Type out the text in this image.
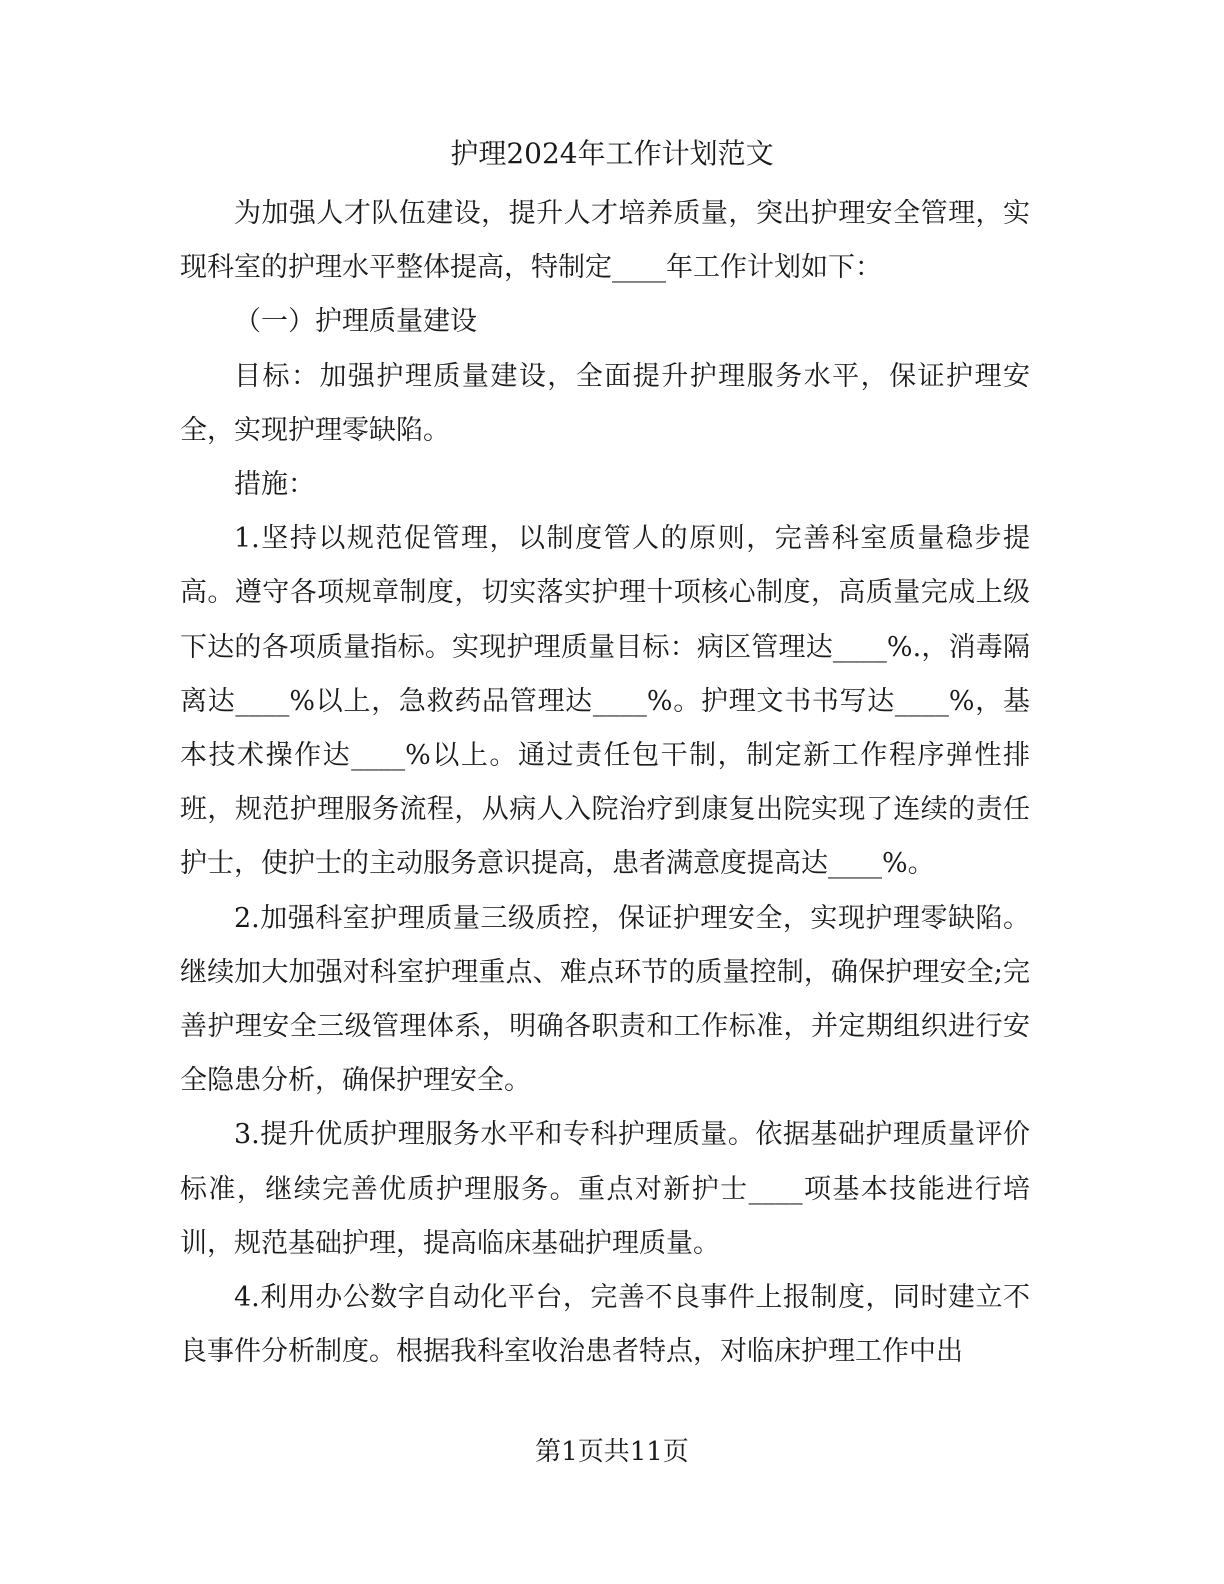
护理2024年工作计划范文

为加强人才队伍建设，提升人才培养质量，突出护理安全管理，实现科室的护理水平整体提高，特制定____年工作计划如下：

（一）护理质量建设

目标：加强护理质量建设，全面提升护理服务水平，保证护理安全，实现护理零缺陷。

措施：

1.坚持以规范促管理，以制度管人的原则，完善科室质量稳步提高。遵守各项规章制度，切实落实护理十项核心制度，高质量完成上级下达的各项质量指标。实现护理质量目标：病区管理达____%.，消毒隔离达____%以上，急救药品管理达____%。护理文书书写达____%，基本技术操作达____%以上。通过责任包干制，制定新工作程序弹性排班，规范护理服务流程，从病人入院治疗到康复出院实现了连续的责任护士，使护士的主动服务意识提高，患者满意度提高达____%。

2.加强科室护理质量三级质控，保证护理安全，实现护理零缺陷。继续加大加强对科室护理重点、难点环节的质量控制，确保护理安全;完善护理安全三级管理体系，明确各职责和工作标准，并定期组织进行安全隐患分析，确保护理安全。

3.提升优质护理服务水平和专科护理质量。依据基础护理质量评价标准，继续完善优质护理服务。重点对新护士____项基本技能进行培训，规范基础护理，提高临床基础护理质量。

4.利用办公数字自动化平台，完善不良事件上报制度，同时建立不良事件分析制度。根据我科室收治患者特点，对临床护理工作中出

第1页共11页
